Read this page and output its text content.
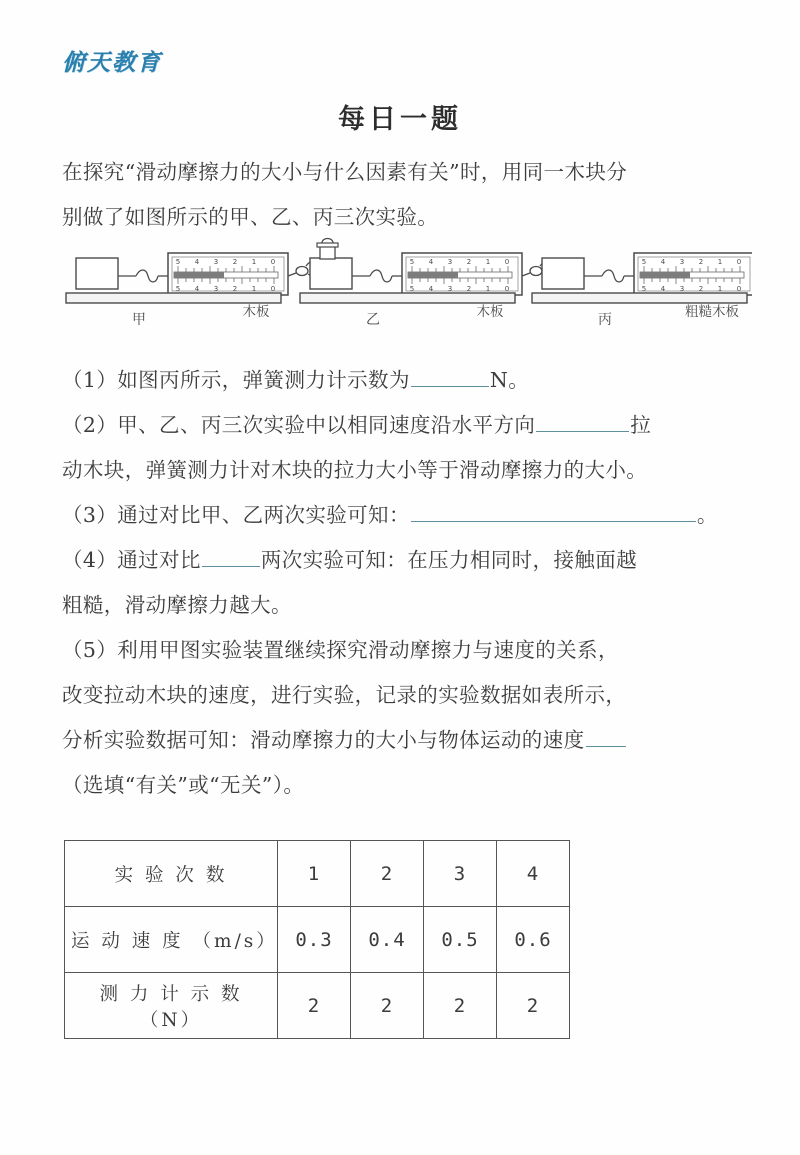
俯天教育
每日一题
在探究“滑动摩擦力的大小与什么因素有关”时，用同一木块分
别做了如图所示的甲、乙、丙三次实验。
（1）如图丙所示，弹簧测力计示数为	N。
（2）甲、乙、丙三次实验中以相同速度沿水平方向	拉
动木块，弹簧测力计对木块的拉力大小等于滑动摩擦力的大小。
（3）通过对比甲、乙两次实验可知：	。
（4）通过对比	两次实验可知：在压力相同时，接触面越
粗糙，滑动摩擦力越大。
（5）利用甲图实验装置继续探究滑动摩擦力与速度的关系，
改变拉动木块的速度，进行实验，记录的实验数据如表所示，
分析实验数据可知：滑动摩擦力的大小与物体运动的速度
（选填“有关”或“无关”）。
5
5
甲	木板	乙	木板	丙	粗糙木板
实 验 次 数	1	2	3	4
运 动 速 度 （m/s）	0.3	0.4	0.5	0.6
测 力 计 示 数 （N）	2	2	2	2
